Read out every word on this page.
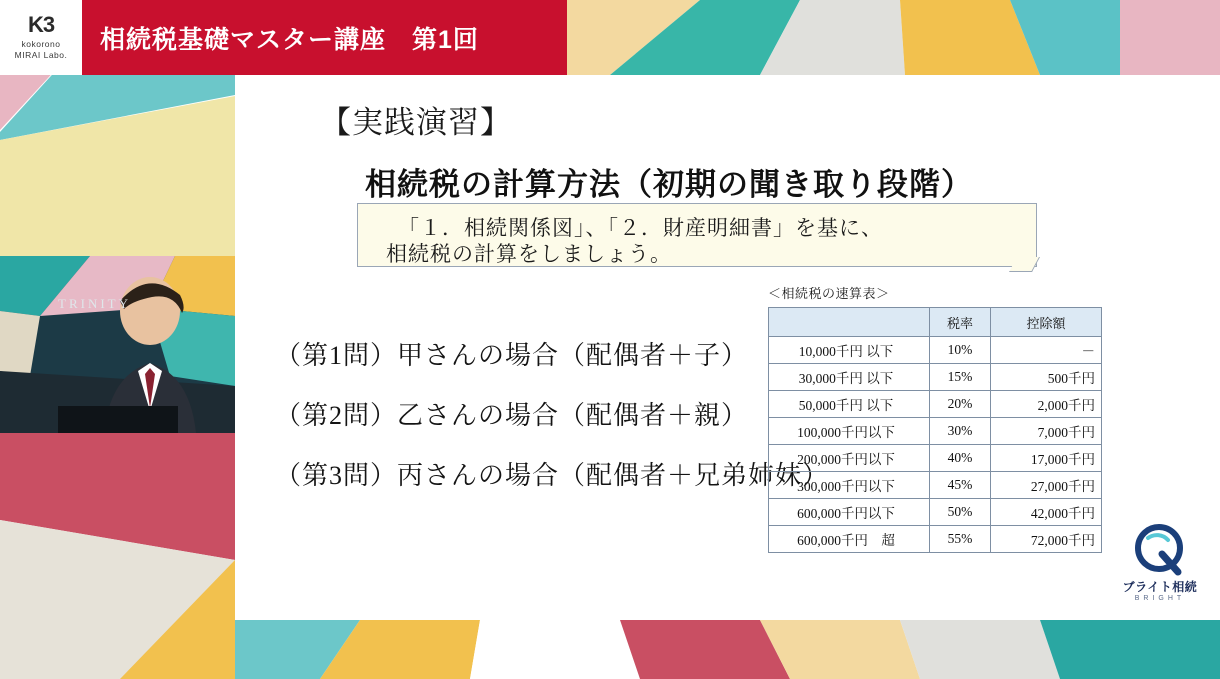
K3
kokorono
MIRAI Labo.
相続税基礎マスター講座　第1回
TRINITY
【実践演習】
相続税の計算方法（初期の聞き取り段階）
「１．相続関係図」、「２．財産明細書」を基に、
相続税の計算をしましょう。
（第1問）甲さんの場合（配偶者＋子）
（第2問）乙さんの場合（配偶者＋親）
（第3問）丙さんの場合（配偶者＋兄弟姉妹）
＜相続税の速算表＞
	税率	控除額
10,000千円 以下	10%	－
30,000千円 以下	15%	500千円
50,000千円 以下	20%	2,000千円
100,000千円以下	30%	7,000千円
200,000千円以下	40%	17,000千円
300,000千円以下	45%	27,000千円
600,000千円以下	50%	42,000千円
600,000千円　超	55%	72,000千円
ブライト相続
BRIGHT
